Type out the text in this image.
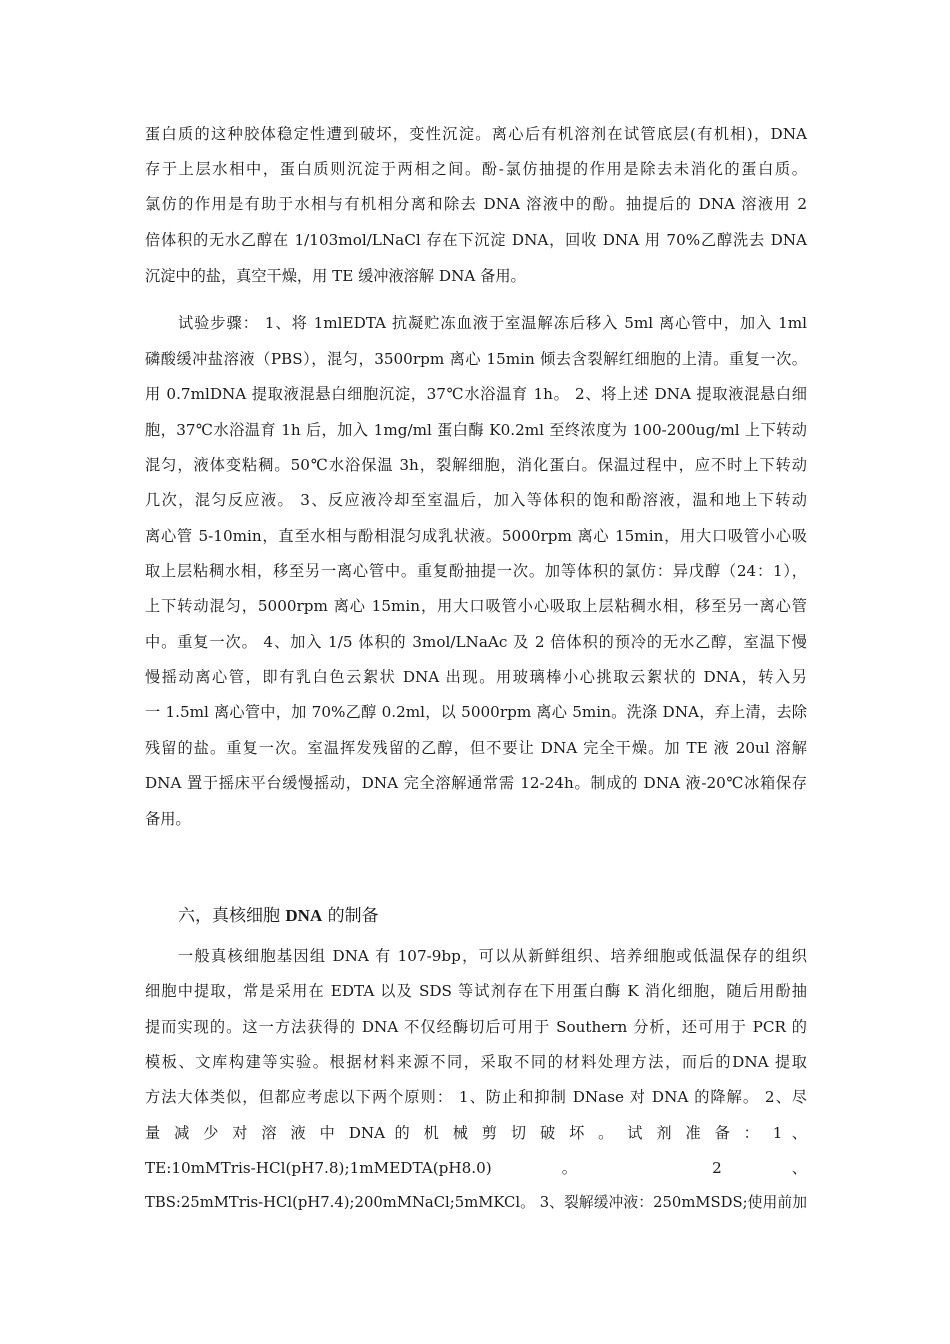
蛋白质的这种胶体稳定性遭到破坏，变性沉淀。离心后有机溶剂在试管底层(有机相)，DNA
存于上层水相中，蛋白质则沉淀于两相之间。酚-氯仿抽提的作用是除去未消化的蛋白质。
氯仿的作用是有助于水相与有机相分离和除去 DNA 溶液中的酚。抽提后的 DNA 溶液用 2
倍体积的无水乙醇在 1/103mol/LNaCl 存在下沉淀 DNA，回收 DNA 用 70%乙醇洗去 DNA
沉淀中的盐，真空干燥，用 TE 缓冲液溶解 DNA 备用。
试验步骤： 1、将 1mlEDTA 抗凝贮冻血液于室温解冻后移入 5ml 离心管中，加入 1ml
磷酸缓冲盐溶液（PBS），混匀，3500rpm 离心 15min 倾去含裂解红细胞的上清。重复一次。
用 0.7mlDNA 提取液混悬白细胞沉淀，37℃水浴温育 1h。 2、将上述 DNA 提取液混悬白细
胞，37℃水浴温育 1h 后，加入 1mg/ml 蛋白酶 K0.2ml 至终浓度为 100-200ug/ml 上下转动
混匀，液体变粘稠。50℃水浴保温 3h，裂解细胞，消化蛋白。保温过程中，应不时上下转动
几次，混匀反应液。 3、反应液冷却至室温后，加入等体积的饱和酚溶液，温和地上下转动
离心管 5-10min，直至水相与酚相混匀成乳状液。5000rpm 离心 15min，用大口吸管小心吸
取上层粘稠水相，移至另一离心管中。重复酚抽提一次。加等体积的氯仿：异戊醇（24：1），
上下转动混匀，5000rpm 离心 15min，用大口吸管小心吸取上层粘稠水相，移至另一离心管
中。重复一次。 4、加入 1/5 体积的 3mol/LNaAc 及 2 倍体积的预冷的无水乙醇，室温下慢
慢摇动离心管，即有乳白色云絮状 DNA 出现。用玻璃棒小心挑取云絮状的 DNA，转入另
一 1.5ml 离心管中，加 70%乙醇 0.2ml，以 5000rpm 离心 5min。洗涤 DNA，弃上清，去除
残留的盐。重复一次。室温挥发残留的乙醇，但不要让 DNA 完全干燥。加 TE 液 20ul 溶解
DNA 置于摇床平台缓慢摇动，DNA 完全溶解通常需 12-24h。制成的 DNA 液-20℃冰箱保存
备用。
六，真核细胞 DNA 的制备
一般真核细胞基因组 DNA 有 107-9bp，可以从新鲜组织、培养细胞或低温保存的组织
细胞中提取，常是采用在 EDTA 以及 SDS 等试剂存在下用蛋白酶 K 消化细胞，随后用酚抽
提而实现的。这一方法获得的 DNA 不仅经酶切后可用于 Southern 分析，还可用于 PCR 的
模板、文库构建等实验。根据材料来源不同，采取不同的材料处理方法，而后的DNA 提取
方法大体类似，但都应考虑以下两个原则： 1、防止和抑制 DNase 对 DNA 的降解。 2、尽
量 减 少 对 溶 液 中 DNA 的 机 械 剪 切 破 坏 。 试 剂 准 备 ： 1 、
TE:10mMTris-HCl(pH7.8);1mMEDTA(pH8.0) 。 2 、
TBS:25mMTris-HCl(pH7.4);200mMNaCl;5mMKCl。 3、裂解缓冲液：250mMSDS;使用前加
